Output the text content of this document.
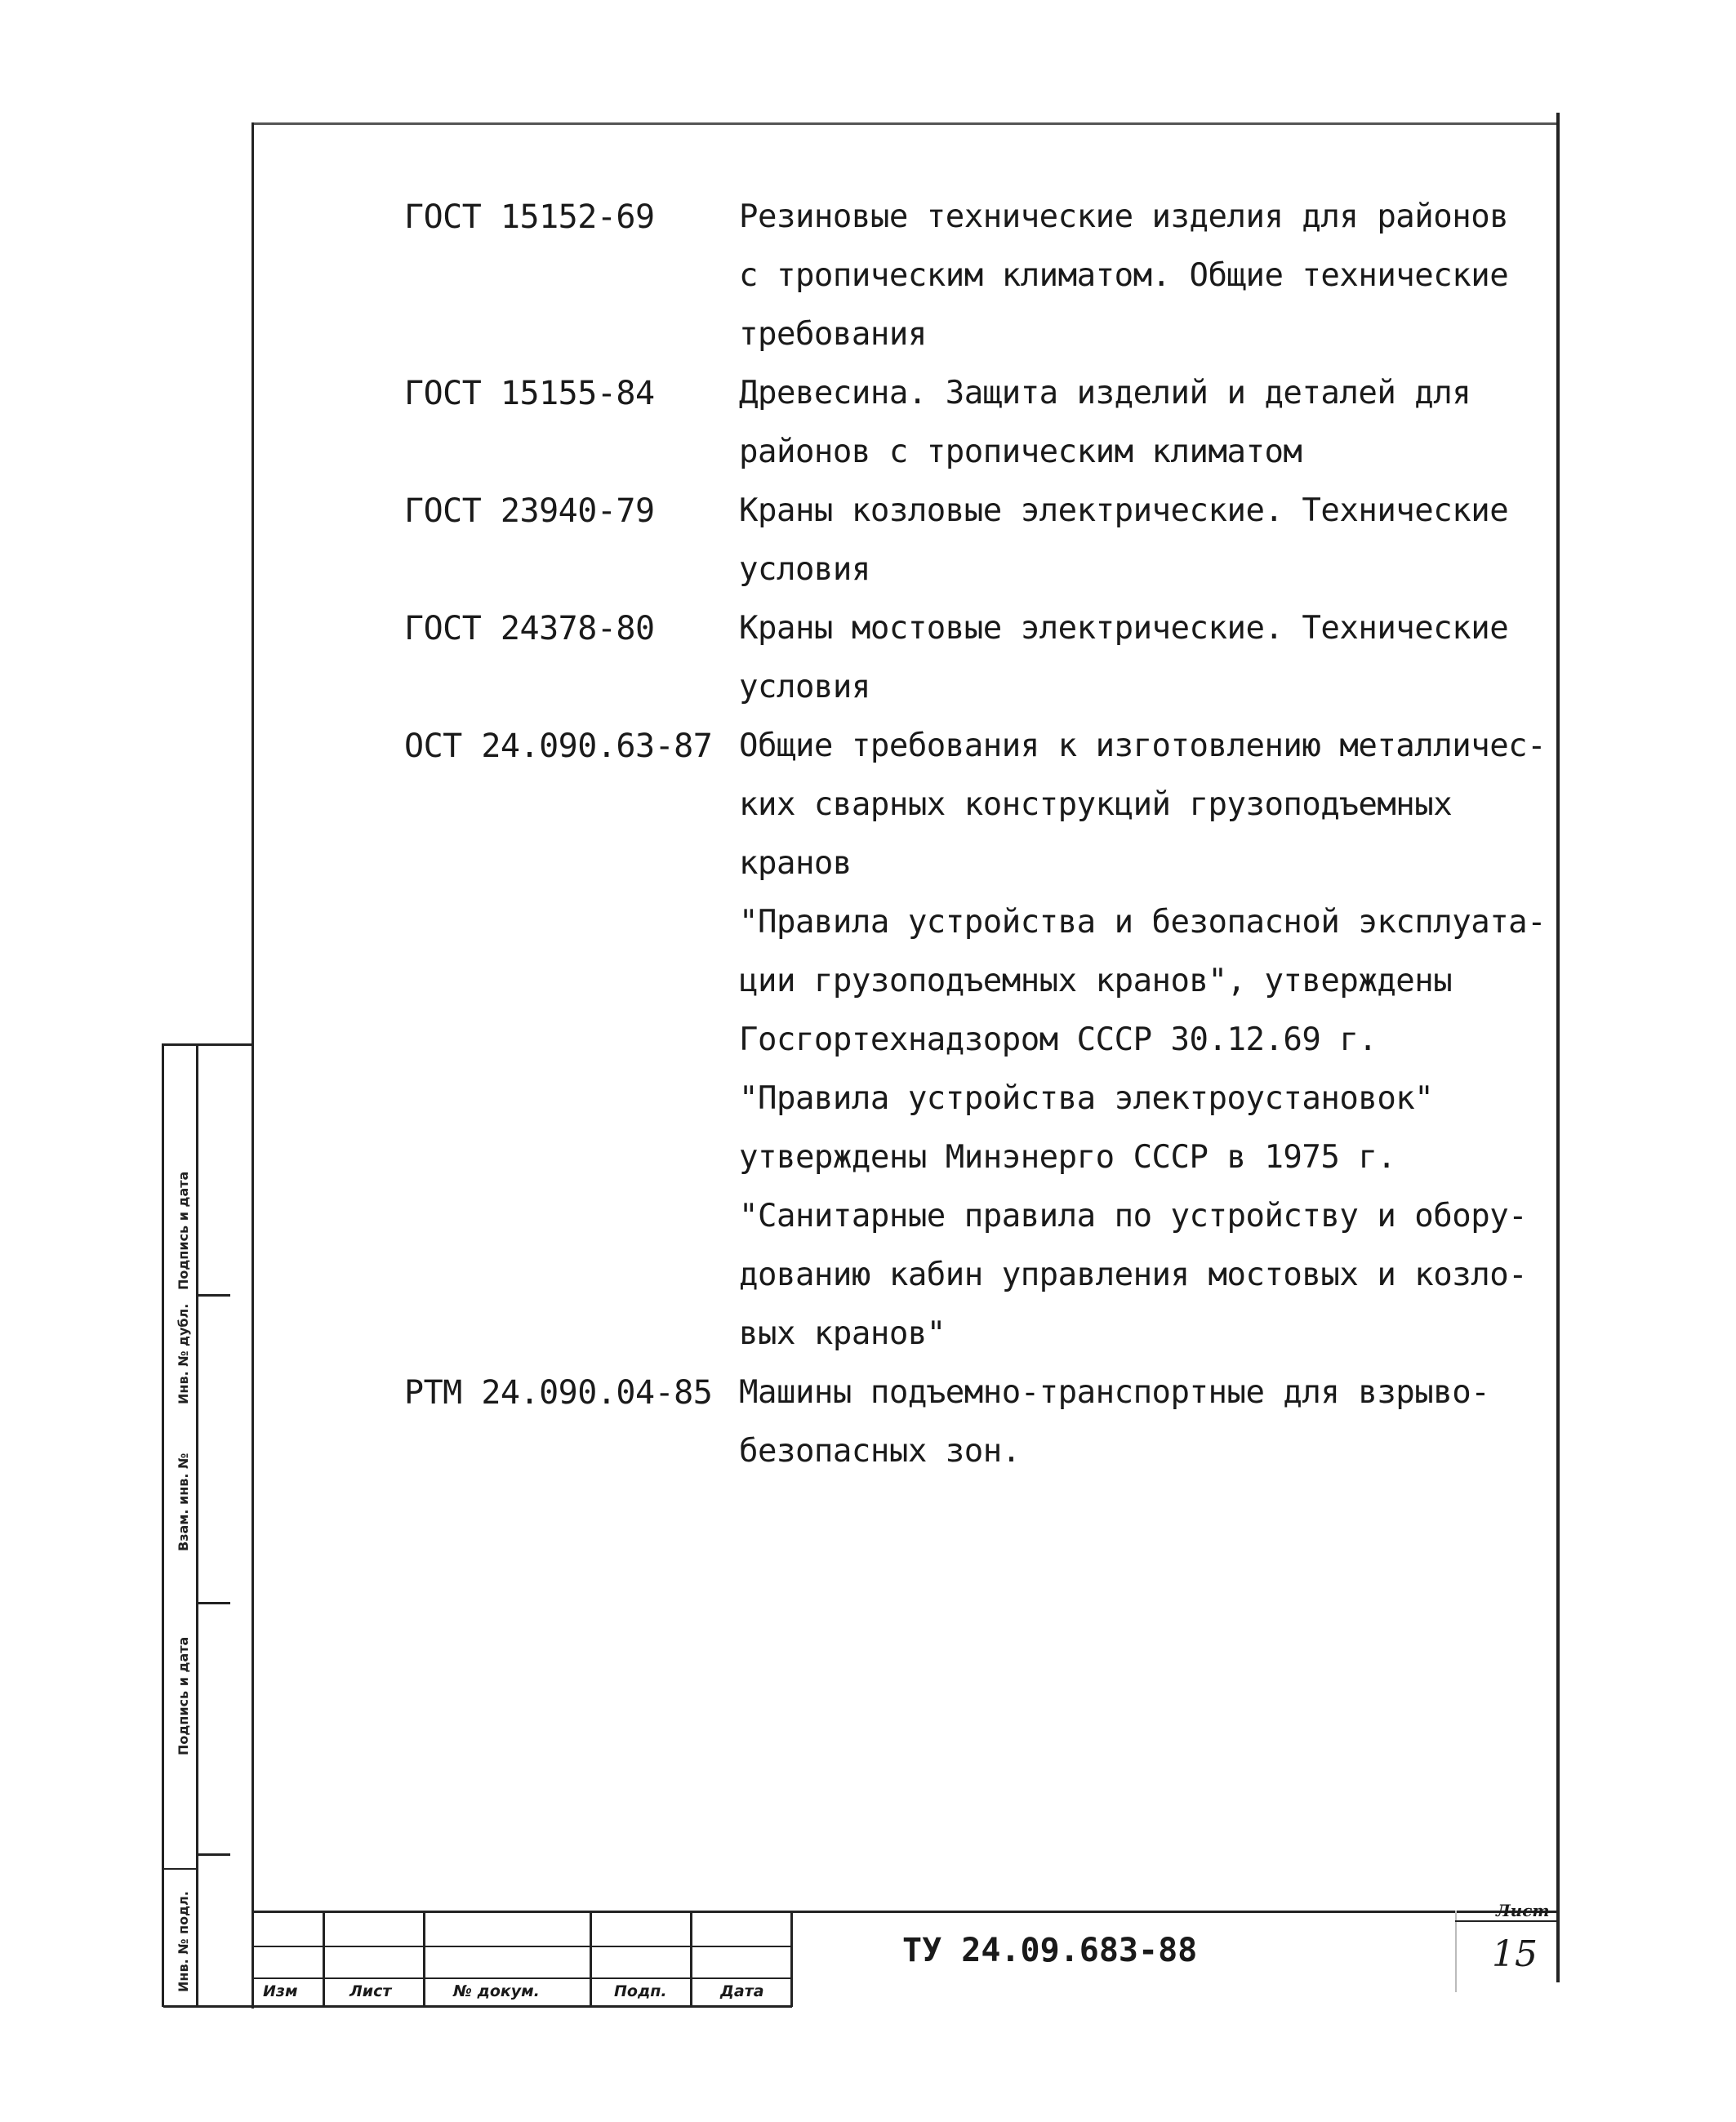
ГОСТ 15152-69	Резиновые технические изделия для районов
с тропическим климатом. Общие технические
требования
ГОСТ 15155-84	Древесина. Защита изделий и деталей для
районов с тропическим климатом
ГОСТ 23940-79	Краны козловые электрические. Технические
условия
ГОСТ 24378-80	Краны мостовые электрические. Технические
условия
ОСТ 24.090.63-87 Общие требования к изготовлению металличес-
ких сварных конструкций грузоподъемных
кранов
"Правила устройства и безопасной эксплуата-
ции грузоподъемных кранов", утверждены
Госгортехнадзором СССР 30.12.69 г.
"Правила устройства электроустановок"
утверждены Минэнерго СССР в 1975 г.
"Санитарные правила по устройству и обору-
дованию кабин управления мостовых и козло-
вых кранов"
РТМ 24.090.04-85 Машины подъемно-транспортные для взрыво-
безопасных зон.
Подпись и дата
Инв. № дубл.
Взам. инв. №
Подпись и дата
Инв. № подл.	Изм	Лист	№ докум.	Подп.	Дата
ТУ 24.09.683-88
Лист
15
